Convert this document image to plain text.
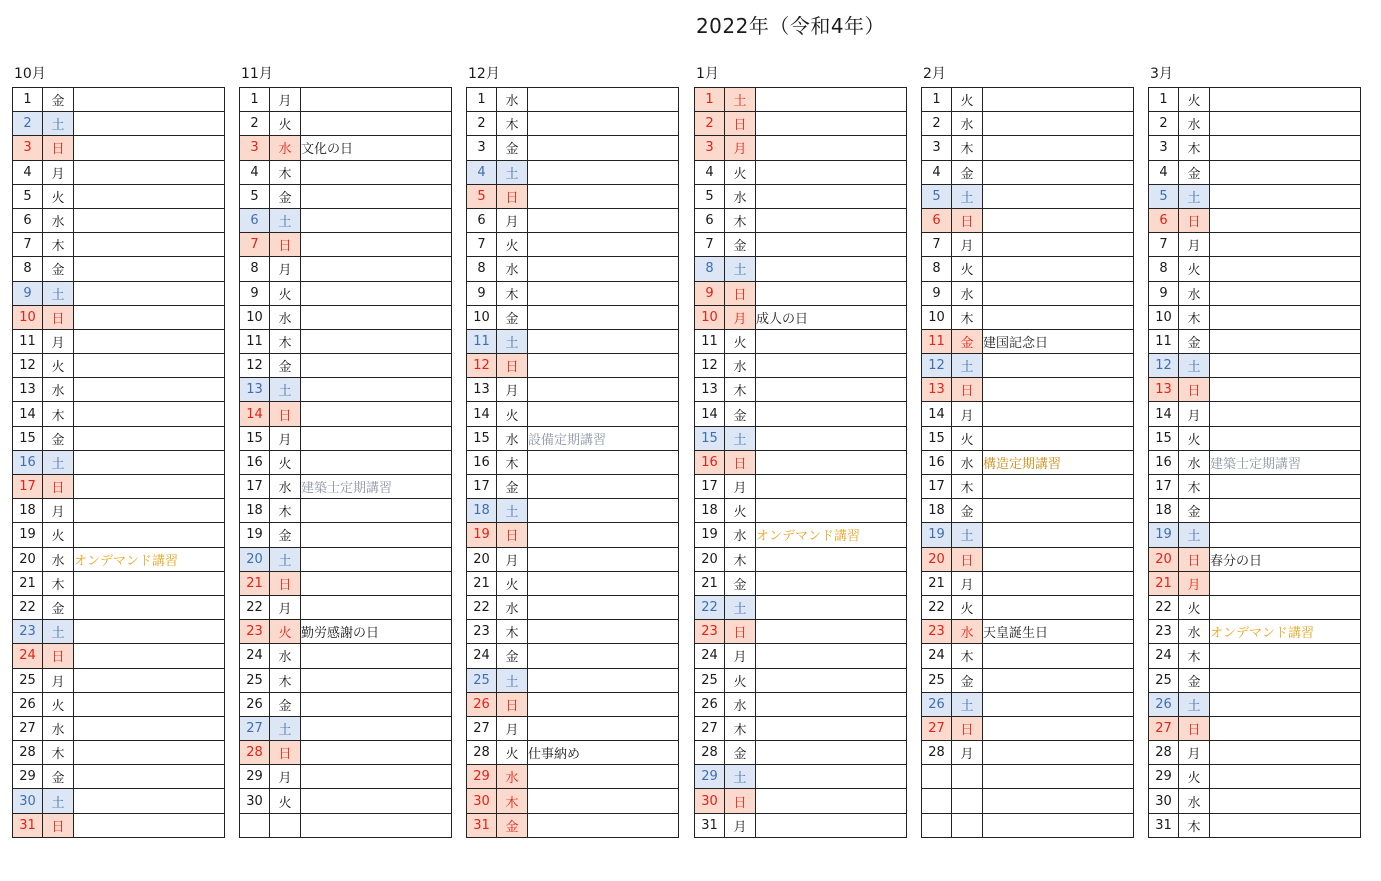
2022年（令和4年）
10月
1	金	
2	土	
3	日	
4	月	
5	火	
6	水	
7	木	
8	金	
9	土	
10	日	
11	月	
12	火	
13	水	
14	木	
15	金	
16	土	
17	日	
18	月	
19	火	
20	水	オンデマンド講習
21	木	
22	金	
23	土	
24	日	
25	月	
26	火	
27	水	
28	木	
29	金	
30	土	
31	日	
11月
1	月	
2	火	
3	水	文化の日
4	木	
5	金	
6	土	
7	日	
8	月	
9	火	
10	水	
11	木	
12	金	
13	土	
14	日	
15	月	
16	火	
17	水	建築士定期講習
18	木	
19	金	
20	土	
21	日	
22	月	
23	火	勤労感謝の日
24	水	
25	木	
26	金	
27	土	
28	日	
29	月	
30	火	

12月
1	水	
2	木	
3	金	
4	土	
5	日	
6	月	
7	火	
8	水	
9	木	
10	金	
11	土	
12	日	
13	月	
14	火	
15	水	設備定期講習
16	木	
17	金	
18	土	
19	日	
20	月	
21	火	
22	水	
23	木	
24	金	
25	土	
26	日	
27	月	
28	火	仕事納め
29	水	
30	木	
31	金	
1月
1	土	
2	日	
3	月	
4	火	
5	水	
6	木	
7	金	
8	土	
9	日	
10	月	成人の日
11	火	
12	水	
13	木	
14	金	
15	土	
16	日	
17	月	
18	火	
19	水	オンデマンド講習
20	木	
21	金	
22	土	
23	日	
24	月	
25	火	
26	水	
27	木	
28	金	
29	土	
30	日	
31	月	
2月
1	火	
2	水	
3	木	
4	金	
5	土	
6	日	
7	月	
8	火	
9	水	
10	木	
11	金	建国記念日
12	土	
13	日	
14	月	
15	火	
16	水	構造定期講習
17	木	
18	金	
19	土	
20	日	
21	月	
22	火	
23	水	天皇誕生日
24	木	
25	金	
26	土	
27	日	
28	月	

3月
1	火	
2	水	
3	木	
4	金	
5	土	
6	日	
7	月	
8	火	
9	水	
10	木	
11	金	
12	土	
13	日	
14	月	
15	火	
16	水	建築士定期講習
17	木	
18	金	
19	土	
20	日	春分の日
21	月	
22	火	
23	水	オンデマンド講習
24	木	
25	金	
26	土	
27	日	
28	月	
29	火	
30	水	
31	木	
